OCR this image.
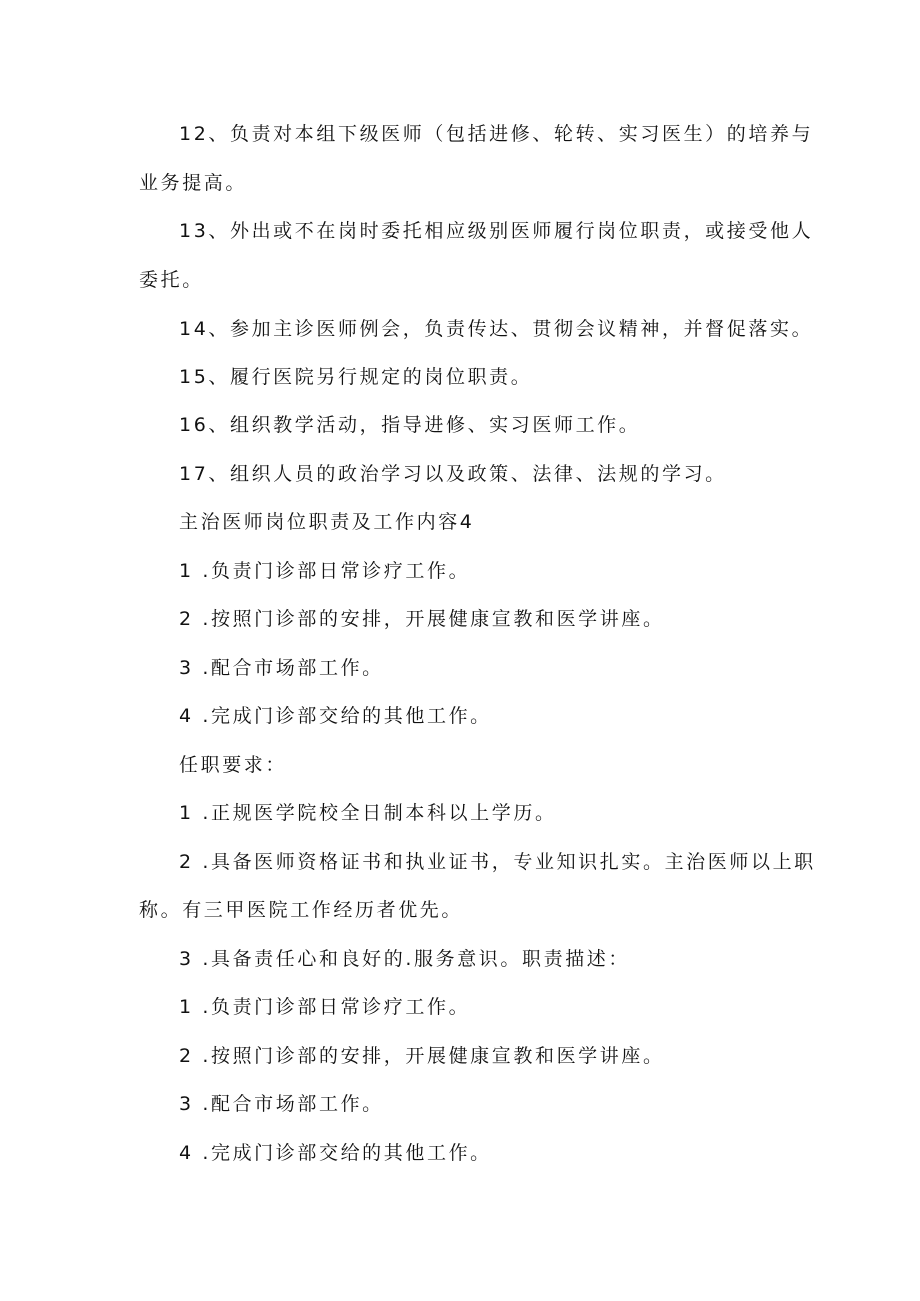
12、负责对本组下级医师（包括进修、轮转、实习医生）的培养与
业务提高。
13、外出或不在岗时委托相应级别医师履行岗位职责，或接受他人
委托。
14、参加主诊医师例会，负责传达、贯彻会议精神，并督促落实。
15、履行医院另行规定的岗位职责。
16、组织教学活动，指导进修、实习医师工作。
17、组织人员的政治学习以及政策、法律、法规的学习。
主治医师岗位职责及工作内容4
1 .负责门诊部日常诊疗工作。
2 .按照门诊部的安排，开展健康宣教和医学讲座。
3 .配合市场部工作。
4 .完成门诊部交给的其他工作。
任职要求：
1 .正规医学院校全日制本科以上学历。
2 .具备医师资格证书和执业证书，专业知识扎实。主治医师以上职
称。有三甲医院工作经历者优先。
3 .具备责任心和良好的.服务意识。职责描述：
1 .负责门诊部日常诊疗工作。
2 .按照门诊部的安排，开展健康宣教和医学讲座。
3 .配合市场部工作。
4 .完成门诊部交给的其他工作。
